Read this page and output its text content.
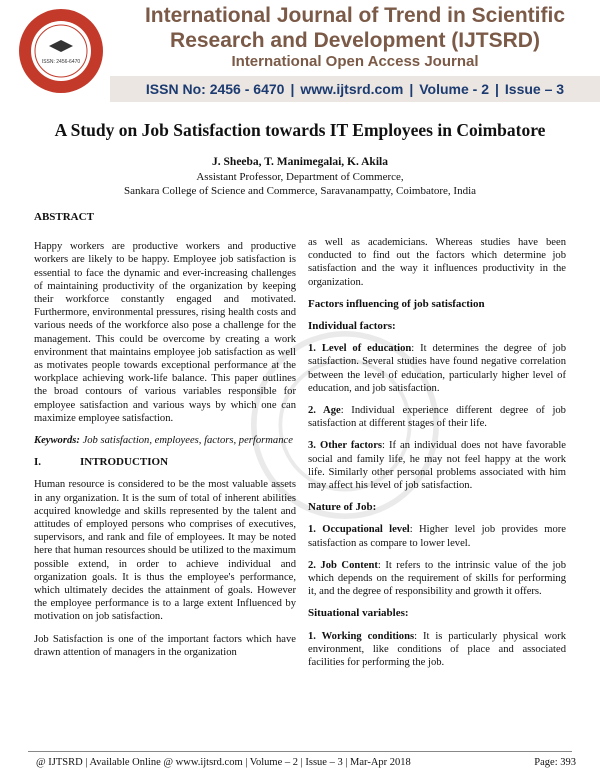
ISSN: 2456-6470
International Journal of Trend in Scientific
Research and Development (IJTSRD)
International Open Access Journal
ISSN No: 2456 - 6470 | www.ijtsrd.com | Volume - 2 | Issue – 3
A Study on Job Satisfaction towards IT Employees in Coimbatore
J. Sheeba, T. Manimegalai, K. Akila
Assistant Professor, Department of Commerce,
Sankara College of Science and Commerce, Saravanampatty, Coimbatore, India
ABSTRACT

Happy workers are productive workers and productive workers are likely to be happy. Employee job satisfaction is essential to face the dynamic and ever-increasing challenges of maintaining productivity of the organization by keeping their workforce constantly engaged and motivated. Furthermore, environmental pressures, rising health costs and various needs of the workforce also pose a challenge for the management. This could be overcome by creating a work environment that maintains employee job satisfaction as well as motivates people towards exceptional performance at the workplace achieving work-life balance. This paper outlines the broad contours of various variables responsible for employee satisfaction and various ways by which one can maximize employee satisfaction.

Keywords: Job satisfaction, employees, factors, performance

I.	INTRODUCTION

Human resource is considered to be the most valuable assets in any organization. It is the sum of total of inherent abilities acquired knowledge and skills represented by the talent and attitudes of employed persons who comprises of executives, supervisors, and rank and file of employees. It may be noted here that human resources should be utilized to the maximum possible extend, in order to achieve individual and organization goals. It is thus the employee's performance, which ultimately decides the attainment of goals. However the employee performance is to a large extent Influenced by motivation on job satisfaction.

Job Satisfaction is one of the important factors which have drawn attention of managers in the organization

as well as academicians. Whereas studies have been conducted to find out the factors which determine job satisfaction and the way it influences productivity in the organization.

Factors influencing of job satisfaction
Individual factors:

1. Level of education: It determines the degree of job satisfaction. Several studies have found negative correlation between the level of education, particularly higher level of education, and job satisfaction.

2. Age: Individual experience different degree of job satisfaction at different stages of their life.

3. Other factors: If an individual does not have favorable social and family life, he may not feel happy at the work life. Similarly other personal problems associated with him may affect his level of job satisfaction.

Nature of Job:

1. Occupational level: Higher level job provides more satisfaction as compare to lower level.

2. Job Content: It refers to the intrinsic value of the job which depends on the requirement of skills for performing it, and the degree of responsibility and growth it offers.

Situational variables:

1. Working conditions: It is particularly physical work environment, like conditions of place and associated facilities for performing the job.

@ IJTSRD | Available Online @ www.ijtsrd.com | Volume – 2 | Issue – 3 | Mar-Apr 2018	Page: 393
